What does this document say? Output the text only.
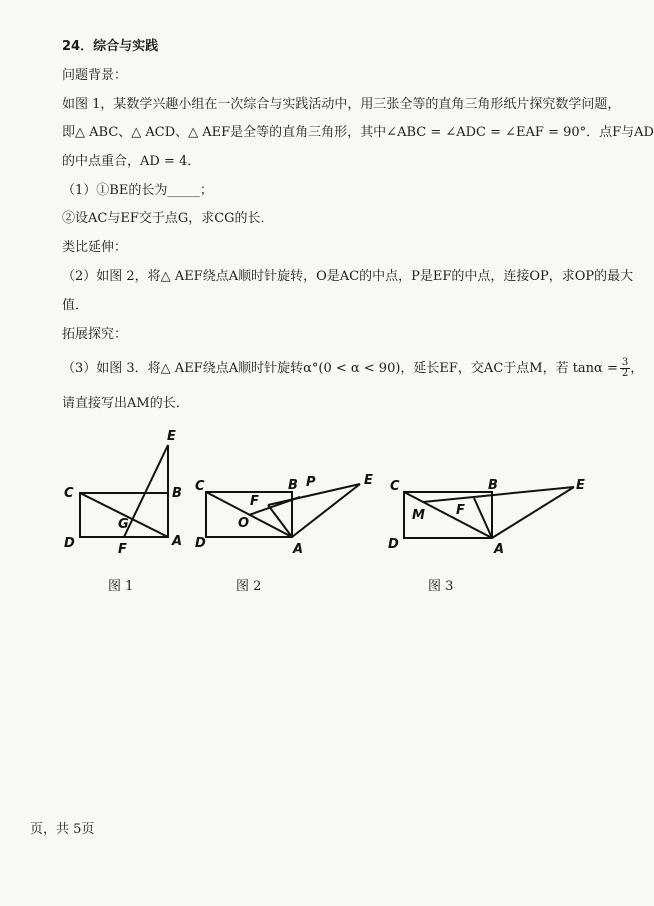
24．综合与实践
问题背景：
如图 1，某数学兴趣小组在一次综合与实践活动中，用三张全等的直角三角形纸片探究数学问题，
即△ ABC、△ ACD、△ AEF是全等的直角三角形，其中∠ABC = ∠ADC = ∠EAF = 90°．点F与AD
的中点重合，AD = 4．
（1）①BE的长为_____；
②设AC与EF交于点G，求CG的长．
类比延伸：
（2）如图 2，将△ AEF绕点A顺时针旋转，O是AC的中点，P是EF的中点，连接OP，求OP的最大
值．
拓展探究：
（3）如图 3．将△ AEF绕点A顺时针旋转α°(0 < α < 90)，延长EF，交AC于点M，若 $\tan\alpha = \frac{3}{2}$ ，
请直接写出AM的长．
E
C	B
D	A
G
F
图 1
C	B P	E
F
O
D	A
图 2
C	B	E
F
M
D	A
图 3
页，共 5页
